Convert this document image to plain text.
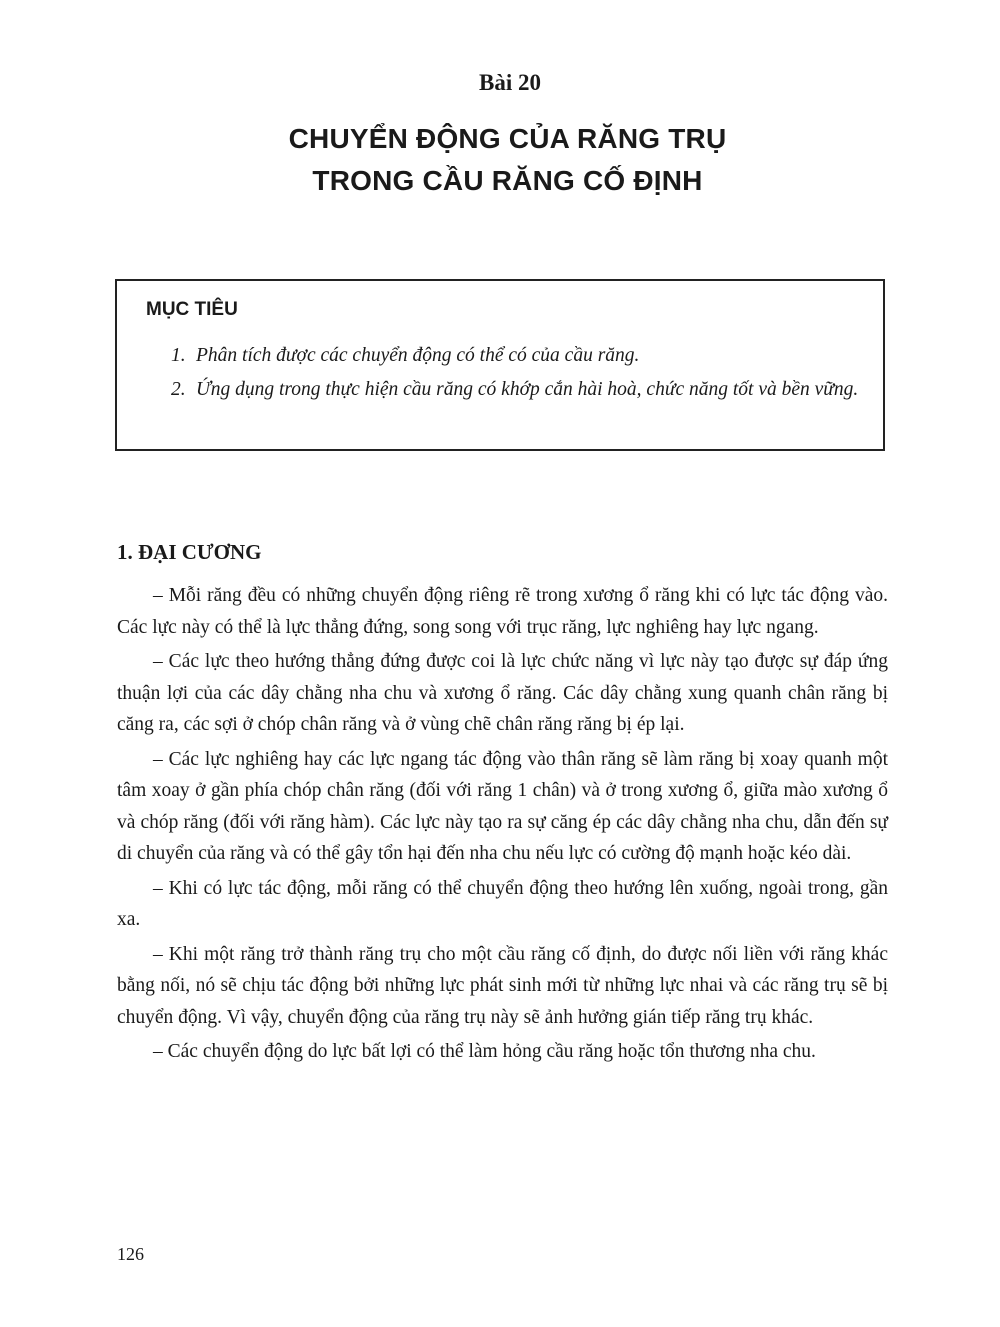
Bài 20
CHUYỂN ĐỘNG CỦA RĂNG TRỤ
TRONG CẦU RĂNG CỐ ĐỊNH
MỤC TIÊU
1. Phân tích được các chuyển động có thể có của cầu răng.
2. Ứng dụng trong thực hiện cầu răng có khớp cắn hài hoà, chức năng tốt và bền vững.
1. ĐẠI CƯƠNG

– Mỗi răng đều có những chuyển động riêng rẽ trong xương ổ răng khi có lực tác động vào. Các lực này có thể là lực thẳng đứng, song song với trục răng, lực nghiêng hay lực ngang.

– Các lực theo hướng thẳng đứng được coi là lực chức năng vì lực này tạo được sự đáp ứng thuận lợi của các dây chằng nha chu và xương ổ răng. Các dây chằng xung quanh chân răng bị căng ra, các sợi ở chóp chân răng và ở vùng chẽ chân răng răng bị ép lại.

– Các lực nghiêng hay các lực ngang tác động vào thân răng sẽ làm răng bị xoay quanh một tâm xoay ở gần phía chóp chân răng (đối với răng 1 chân) và ở trong xương ổ, giữa mào xương ổ và chóp răng (đối với răng hàm). Các lực này tạo ra sự căng ép các dây chằng nha chu, dẫn đến sự di chuyển của răng và có thể gây tổn hại đến nha chu nếu lực có cường độ mạnh hoặc kéo dài.

– Khi có lực tác động, mỗi răng có thể chuyển động theo hướng lên xuống, ngoài trong, gần xa.

– Khi một răng trở thành răng trụ cho một cầu răng cố định, do được nối liền với răng khác bằng nối, nó sẽ chịu tác động bởi những lực phát sinh mới từ những lực nhai và các răng trụ sẽ bị chuyển động. Vì vậy, chuyển động của răng trụ này sẽ ảnh hưởng gián tiếp răng trụ khác.

– Các chuyển động do lực bất lợi có thể làm hỏng cầu răng hoặc tổn thương nha chu.

126
